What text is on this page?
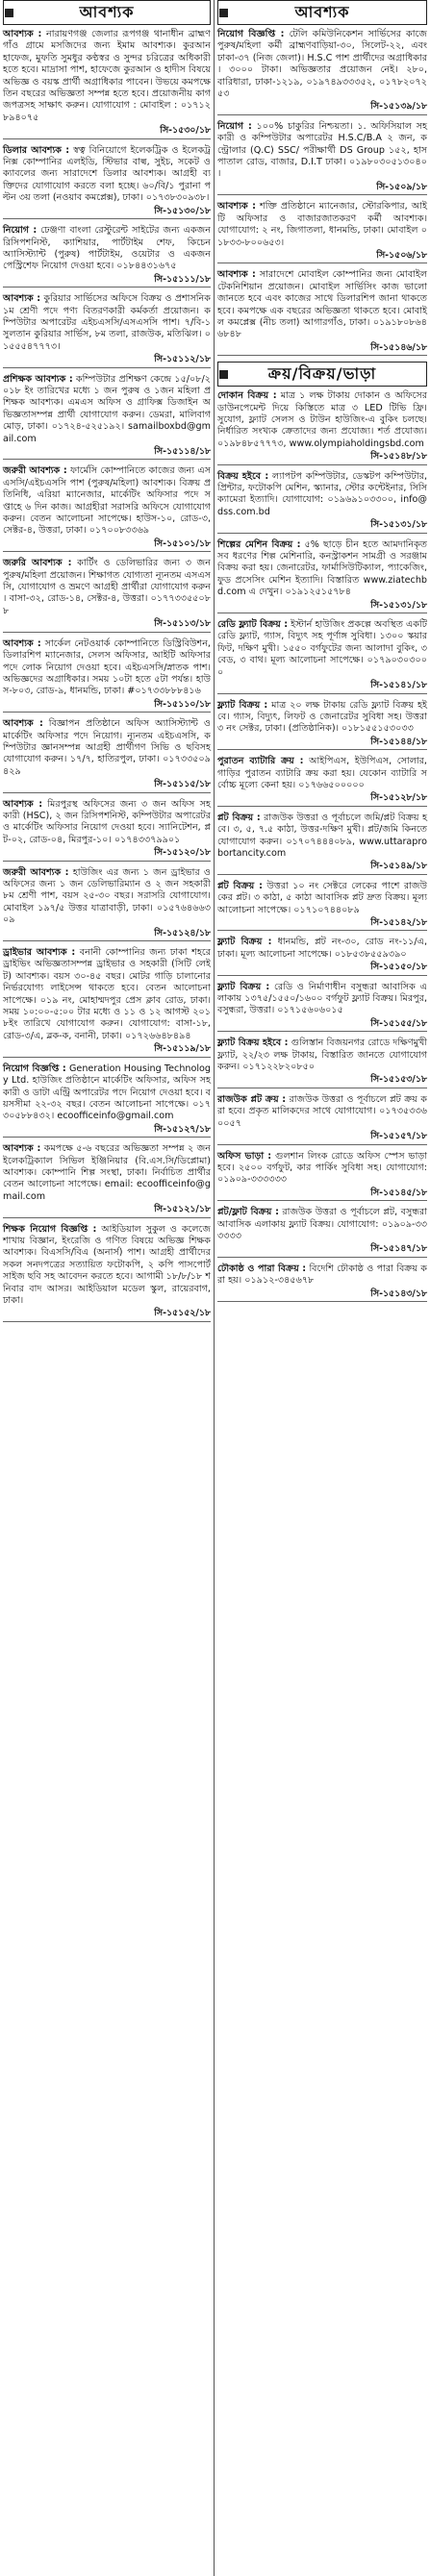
আবশ্যক
আবশ্যক : নারায়ণগঞ্জ জেলার রূপগঞ্জ থানাধীন ব্রাহ্মণগাঁও গ্রামে মসজিদের জন্য ইমাম আবশ্যক। কুরআন হাফেজ, মুফতি সুমধুর কণ্ঠস্বর ও সুন্দর চরিত্রের অধিকারী হতে হবে। মাদ্রাসা পাশ, হাফেজে কুরআন ও হাদীস বিষয়ে অভিজ্ঞ ও বয়স্ক প্রার্থী অগ্রাধিকার পাবেন। উভয়ে কমপক্ষে তিন বছরের অভিজ্ঞতা সম্পন্ন হতে হবে। প্রয়োজনীয় কাগজপত্রসহ সাক্ষাৎ করুন। যোগাযোগ : মোবাইল : ০১৭১২৮৯৪০৭৫
সি-১৫৩০/১৮
ডিলার আবশ্যক : স্বত্ব বিনিয়োগে ইলেকট্রিক ও ইলেকট্রনিক্স কোম্পানির এলইডি, স্টিভার বাল্ব, সুইচ, সকেট ও ক্যাবলের জন্য সারাদেশে ডিলার আবশ্যক। আগ্রহী ব্যক্তিদের যোগাযোগ করতে বলা হচ্ছে। ৬০/বি/১ পুরানা পল্টন ৩য় তলা (নওয়াব কমপ্লেক্স), ঢাকা। ০১৭৩৮৩০৯৩৮।
সি-১৫১৩০/১৮
নিয়োগ : ঢেঞ্জণা বাংলা রেস্টুরেন্ট সাইটের জন্য একজন রিসিপশনিস্ট, ক্যাশিয়ার, পার্টটাইম শেফ, কিচেন অ্যাসিস্ট্যান্ট (পুরুষ) পার্টটাইম, ওয়েটার ও একজন পেস্ট্রিশেফ নিয়োগ দেওয়া হবে। ০১৮৪৪৩১৬৭৫
সি-১৫১১১/১৮
আবশ্যক : কুরিয়ার সার্ভিসের অফিসে বিক্রয় ও প্রশাসনিক ১ম শ্রেণী পদে পণ্য বিতরণকারী কর্মকর্তা প্রয়োজন। কম্পিউটার অপারেটর এইচএসসি/এসএসসি পাশ। ৭/বি-১ সুলতান কুরিয়ার সার্ভিস, ৮ম তলা, রাজউক, মতিঝিল। ০১৫৫৫৪৭৭৭৩।
সি-১৫১১২/১৮
প্রশিক্ষক আবশ্যক : কম্পিউটার প্রশিক্ষণ কেন্দ্রে ১৫/০৮/২০১৮ ইং তারিখের মধ্যে ১ জন পুরুষ ও ১জন মহিলা প্রশিক্ষক আবশ্যক। এমএস অফিস ও গ্রাফিক্স ডিজাইন অভিজ্ঞতাসম্পন্ন প্রার্থী যোগাযোগ করুন। ডেমরা, মালিবাগ মোড়, ঢাকা। ০১৭২৪-৫২৫১৯২। samailboxbd@gmail.com
সি-১৫১১৪/১৮
জরুরী আবশ্যক : ফার্মেসি কোম্পানিতে কাজের জন্য এসএসসি/এইচএসসি পাশ (পুরুষ/মহিলা) আবশ্যক। বিক্রয় প্রতিনিধি, এরিয়া ম্যানেজার, মার্কেটিং অফিসার পদে সপ্তাহে ৬ দিন কাজ। আগ্রহীরা সরাসরি অফিসে যোগাযোগ করুন। বেতন আলোচনা সাপেক্ষে। হাউস-১০, রোড-৩, সেক্টর-৪, উত্তরা, ঢাকা। ০১৭০০৮৩৩৬৯
সি-১৫১০১/১৮
জরুরি আবশ্যক : কার্টিং ও ডেলিভারির জন্য ৩ জন পুরুষ/মহিলা প্রয়োজন। শিক্ষাগত যোগ্যতা ন্যূনতম এসএসসি, যোগাযোগ ও ভ্রমণে আগ্রহী প্রার্থীরা যোগাযোগ করুন। বাসা-৩২, রোড-১৪, সেক্টর-৪, উত্তরা। ০১৭৭৩৩৫৫০৮৮
সি-১৫১১৩/১৮
আবশ্যক : সার্কেল নেটওয়ার্ক কোম্পানিতে ডিস্ট্রিবিউশন, ডিলারশিপ ম্যানেজার, সেলস অফিসার, আইটি অফিসার পদে লোক নিয়োগ দেওয়া হবে। এইচএসসি/স্নাতক পাশ। অভিজ্ঞদের অগ্রাধিকার। সময় ১০টা হতে ৫টা পর্যন্ত। হাউস-৮০৩, রোড-৯, ধানমন্ডি, ঢাকা। #০১৭৩৩৮৮৮৪১৬
সি-১৫১১০/১৮
আবশ্যক : বিজ্ঞাপন প্রতিষ্ঠানে অফিস অ্যাসিস্ট্যান্ট ও মার্কেটিং অফিসার পদে নিয়োগ। ন্যূনতম এইচএসসি, কম্পিউটার জ্ঞানসম্পন্ন আগ্রহী প্রার্থীগণ সিভি ও ছবিসহ যোগাযোগ করুন। ১৭/৭, হাতিরপুল, ঢাকা। ০১৭৩৩৫০৯৪২৯
সি-১৫১১৫/১৮
আবশ্যক : মিরপুরস্থ অফিসের জন্য ৩ জন অফিস সহকারী (HSC), ২ জন রিসিপশনিস্ট, কম্পিউটার অপারেটর ও মার্কেটিং অফিসার নিয়োগ দেওয়া হবে। স্যানিটেশন, প্লট-০২, রোড-০৪, মিরপুর-১০। ০১৭৪৩৩৭৯৯০১
সি-১৫১২০/১৮
জরুরী আবশ্যক : হাউজিং এর জন্য ১ জন ড্রাইভার ও অফিসের জন্য ১ জন ডেলিভারিম্যান ও ২ জন সহকারী ৮ম শ্রেণী পাশ, বয়স ২৫-৩০ বছর। সরাসরি যোগাযোগ। মোবাইল ১৯৭/৫ উত্তর যাত্রাবাড়ী, ঢাকা। ০১৫৭৬৪৬৬৩০৯
সি-১৫১২৪/১৮
ড্রাইভার আবশ্যক : বনানী কোম্পানির জন্য ঢাকা শহরে ড্রাইভিং অভিজ্ঞতাসম্পন্ন ড্রাইভার ও সহকারী (সিটি লেইট) আবশ্যক। বয়স ৩০-৪৫ বছর। মোটর গাড়ি চালানোর নির্ভরযোগ্য লাইসেন্স থাকতে হবে। বেতন আলোচনা সাপেক্ষে। ০১৯ নং, মোহাম্মদপুর প্রেস ক্লাব রোড, ঢাকা। সময় ১০:০০-৫:০০ টার মধ্যে ও ১১ ও ১২ আগস্ট ২০১৮ইং তারিখে যোগাযোগ করুন। যোগাযোগ: বাসা-১৮, রোড-৩/এ, ব্লক-ক, বনানী, ঢাকা। ০১৭২৬৬৪৮৪৯৪
সি-১৫১১৯/১৮
নিয়োগ বিজ্ঞপ্তি : Generation Housing Technology Ltd. হাউজিং প্রতিষ্ঠানে মার্কেটিং অফিসার, অফিস সহকারী ও ডাটা এন্ট্রি অপারেটর পদে নিয়োগ দেওয়া হবে। বয়সসীমা ২২-৩২ বছর। বেতন আলোচনা সাপেক্ষে। ০১৭৩০৫৮৮৪৩২। ecoofficeinfo@gmail.com
সি-১৫১২৭/১৮
আবশ্যক : কমপক্ষে ৫-৬ বছরের অভিজ্ঞতা সম্পন্ন ২ জন ইলেকট্রিক্যাল সিভিল ইঞ্জিনিয়ার (বি.এস.সি/ডিপ্লোমা) আবশ্যক। কোম্পানি শিল্প সংস্থা, ঢাকা। নির্বাচিত প্রার্থীর বেতন আলোচনা সাপেক্ষে। email: ecoofficeinfo@gmail.com
সি-১৫১২১/১৮
শিক্ষক নিয়োগ বিজ্ঞপ্তি : আইডিয়াল সুকুল ও কলেজে শাখায় বিজ্ঞান, ইংরেজি ও গণিত বিষয়ে অভিজ্ঞ শিক্ষক আবশ্যক। বিএসসি/বিএ (অনার্স) পাশ। আগ্রহী প্রার্থীদের সকল সনদপত্রের সত্যায়িত ফটোকপি, ২ কপি পাসপোর্ট সাইজ ছবি সহ আবেদন করতে হবে। আগামী ১৮/৮/১৮ শনিবার বাদ আসর। আইডিয়াল মডেল স্কুল, রায়েরবাগ, ঢাকা।
সি-১৫১৫২/১৮
আবশ্যক
নিয়োগ বিজ্ঞপ্তি : টেলি কমিউনিকেশন সার্ভিসের কাজে পুরুষ/মহিলা কর্মী ব্রাহ্মণবাড়িয়া-৩০, সিলেট-২২, এবং ঢাকা-৩৭ (নিজ জেলা)। H.S.C পাশ প্রার্থীদের অগ্রাধিকার। ৩০০০ টাকা। অভিজ্ঞতার প্রয়োজন নেই। ২৮০, বারিধারা, ঢাকা-১২১৯, ০১৯৭৪৯৩৩৩৫২, ০১৭৮২০৭২৫৩
সি-১৫১৩৯/১৮
নিয়োগ : ১০০% চাকুরির নিশ্চয়তা। ১. অফিসিয়াল সহকারী ও কম্পিউটার অপারেটর H.S.C/B.A ২ জন, কন্ট্রোলার (Q.C) SSC/ পরীক্ষার্থী DS Group ১৫২, হাসপাতাল রোড, বাজার, D.I.T ঢাকা। ০১৯৮০৩০৫১৩০৪০।
সি-১৫০৯/১৮
আবশ্যক : শক্তি প্রতিষ্ঠানে ম্যানেজার, স্টোরকিপার, আইটি অফিসার ও বাজারজাতকরণ কর্মী আবশ্যক। যোগাযোগ: ২ নং, জিগাতলা, ধানমন্ডি, ঢাকা। মোবাইল ০১৮৩৩-৮০০৬৫৩।
সি-১৫০৬/১৮
আবশ্যক : সারাদেশে মোবাইল কোম্পানির জন্য মোবাইল টেকনিশিয়ান প্রয়োজন। মোবাইল সার্ভিসিং কাজ ভালো জানতে হবে এবং কাজের সাথে ডিলারশিপ জানা থাকতে হবে। কমপক্ষে এক বছরের অভিজ্ঞতা থাকতে হবে। মোবাইল কমপ্লেক্স (নীচ তলা) আগারগাঁও, ঢাকা। ০১৯১৮০৮৬৪৬৮৪৮
সি-১৫১৪৬/১৮
ক্রয়/বিক্রয়/ভাড়া
দোকান বিক্রয় : মাত্র ১ লক্ষ টাকায় দোকান ও অফিসের ডাউনপেমেন্ট দিয়ে কিস্তিতে মাত্র ৩ LED টিভি ফ্রি। সুযোগ, ফ্ল্যাট সেলস ও টাউন হাউজিং-এ বুকিং চলছে। নির্ধারিত সংখ্যক ক্রেতাদের জন্য প্রযোজ্য। শর্ত প্রযোজ্য। ০১৯৮৪৮৫৭৭৭৩, www.olympiaholdingsbd.com
সি-১৫১৪৮/১৮
বিক্রয় হইবে : ল্যাপটপ কম্পিউটার, ডেস্কটপ কম্পিউটার, প্রিন্টার, ফটোকপি মেশিন, স্ক্যানার, স্টোর কন্টেইনার, সিসি ক্যামেরা ইত্যাদি। যোগাযোগ: ০১৯৬৯১০৩৩০০, info@dss.com.bd
সি-১৫১৩১/১৮
শিল্পের মেশিন বিক্রয় : ৫% ছাড়ে চীন হতে আমদানিকৃত সব ধরণের শিল্প মেশিনারি, কনস্ট্রাকশন সামগ্রী ও সরঞ্জাম বিক্রয় করা হয়। জেনারেটর, ফার্মাসিউটিক্যাল, প্যাকেজিং, ফুড প্রসেসিং মেশিন ইত্যাদি। বিস্তারিত www.ziatechbd.com এ দেখুন। ০১৯১২৫১৫৭৮৪
সি-১৫১৩১/১৮
রেডি ফ্ল্যাট বিক্রয় : ইস্টার্ন হাউজিং প্রকল্পে অবস্থিত একটি রেডি ফ্ল্যাট, গ্যাস, বিদ্যুৎ সহ পূর্ণাঙ্গ সুবিধা। ১৩০০ স্কয়ার ফিট, দক্ষিণ মুখী। ১৫৫০ বর্গফুটের জন্য আলাদা বুকিং, ৩ বেড, ৩ বাথ। মূল্য আলোচনা সাপেক্ষে। ০১৭৯০৩০৩০০০
সি-১৫১৪১/১৮
ফ্ল্যাট বিক্রয় : মাত্র ২০ লক্ষ টাকায় রেডি ফ্ল্যাট বিক্রয় হইবে। গ্যাস, বিদ্যুৎ, লিফট ও জেনারেটর সুবিধা সহ। উত্তরা ৩ নং সেক্টর, ঢাকা। (প্রতিষ্ঠানিক)। ০১৮১৫৫১৫৩০৩৩
সি-১৫১৪৪/১৮
পুরাতন ব্যাটারি ক্রয় : আইপিএস, ইউপিএস, সোলার, গাড়ির পুরাতন ব্যাটারি ক্রয় করা হয়। যেকোন ব্যাটারি সর্বোচ্চ মূল্যে কেনা হয়। ০১৭৬৬৫০০০০০
সি-১৫১২৮/১৮
প্লট বিক্রয় : রাজউক উত্তরা ও পূর্বাচলে জমি/প্লট বিক্রয় হবে। ৩, ৫, ৭.৫ কাঠা, উত্তর-দক্ষিণ মুখী। প্লট/জমি কিনতে যোগাযোগ করুন। ০১৭০৭৪৪৪০৮৯, www.uttaraprobortancity.com
সি-১৫১৪৯/১৮
প্লট বিক্রয় : উত্তরা ১০ নং সেক্টরে লেকের পাশে রাজউকের প্লট। ৩ কাঠা, ৫ কাঠা আবাসিক প্লট দ্রুত বিক্রয়। মূল্য আলোচনা সাপেক্ষে। ০১৭১০৭৪৪০৮৯
সি-১৫১৪২/১৮
ফ্ল্যাট বিক্রয় : ধানমন্ডি, প্লট নং-৩০, রোড নং-১১/এ, ঢাকা। মূল্য আলোচনা সাপেক্ষে। ০১৮৫৩৮৫৫৯৩৯০
সি-১৫১৫০/১৮
ফ্ল্যাট বিক্রয় : রেডি ও নির্মাণাধীন বসুন্ধরা আবাসিক এলাকায় ১৩৭৫/১৫৫০/১৬০০ বর্গফুট ফ্ল্যাট বিক্রয়। মিরপুর, বসুন্ধরা, উত্তরা। ০১৭১৫৬০৬০১৫
সি-১৫১৫৫/১৮
ফ্ল্যাট বিক্রয় হইবে : গুলিস্তান বিজয়নগর রোডে দক্ষিণমুখী ফ্ল্যাট, ২২/২৩ লক্ষ টাকায়, বিস্তারিত জানতে যোগাযোগ করুন। ০১৭১২২৮২০৮৫০
সি-১৫১৫৩/১৮
রাজউক প্লট ক্রয় : রাজউক উত্তরা ও পূর্বাচলে প্লট ক্রয় করা হবে। প্রকৃত মালিকদের সাথে যোগাযোগ। ০১৭৩৫৩৩৬০০৫৭
সি-১৫১৫৭/১৮
অফিস ভাড়া : গুলশান লিংক রোডে অফিস স্পেস ভাড়া হবে। ২৫০০ বর্গফুট, কার পার্কিং সুবিধা সহ। যোগাযোগ: ০১৯০৯-৩৩৩৩৩৩
সি-১৫১৪৫/১৮
প্লট/ফ্লাট বিক্রয় : রাজউক উত্তরা ও পূর্বাচলে প্লট, বসুন্ধরা আবাসিক এলাকায় ফ্ল্যাট বিক্রয়। যোগাযোগ: ০১৯০৯-৩৩৩৩৩৩
সি-১৫১৪৭/১৮
ঢৌকাষ্ঠ ও পারা বিক্রয় : বিদেশি ঢৌকাষ্ঠ ও পারা বিক্রয় করা হয়। ০১৯১২-৩৪৫৬৭৮
সি-১৫১৪৩/১৮
